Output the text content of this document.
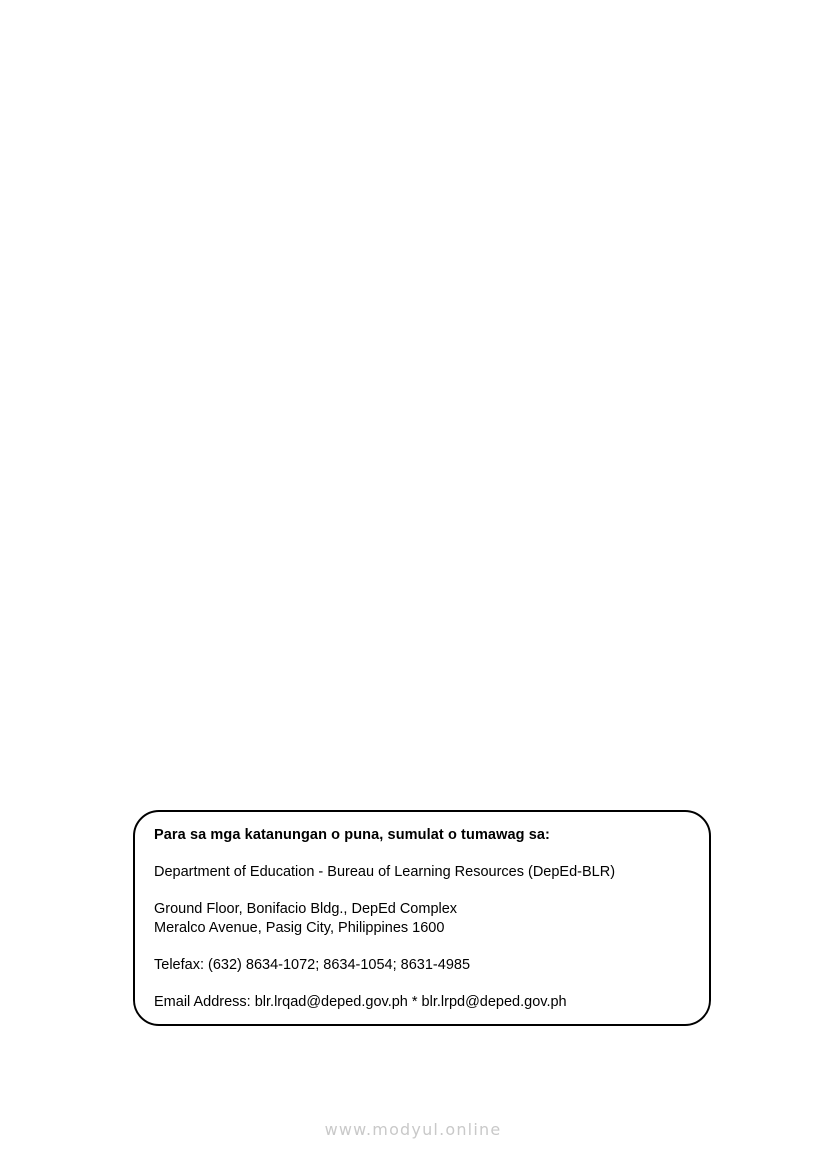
Para sa mga katanungan o puna, sumulat o tumawag sa:
Department of Education - Bureau of Learning Resources (DepEd-BLR)
Ground Floor, Bonifacio Bldg., DepEd Complex
Meralco Avenue, Pasig City, Philippines 1600
Telefax: (632) 8634-1072; 8634-1054; 8631-4985
Email Address: blr.lrqad@deped.gov.ph * blr.lrpd@deped.gov.ph
www.modyul.online
